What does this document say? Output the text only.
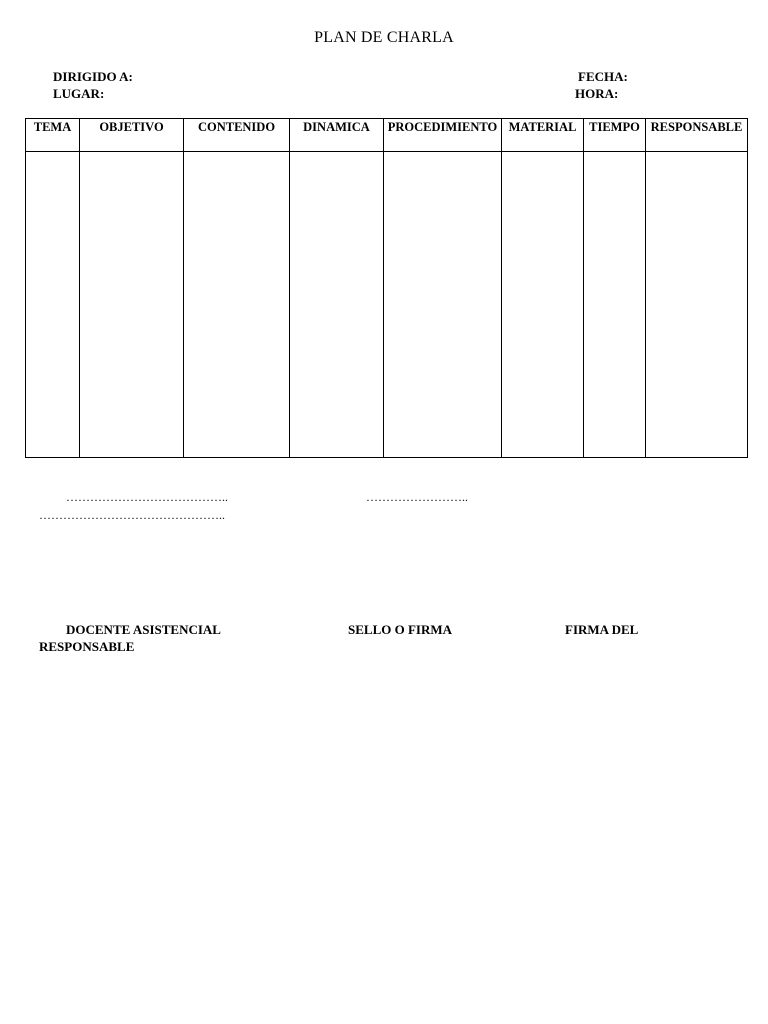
PLAN DE CHARLA
DIRIGIDO A:
LUGAR:
FECHA:
HORA:
TEMA	OBJETIVO	CONTENIDO	DINAMICA	PROCEDIMIENTO	MATERIAL	TIEMPO	RESPONSABLE

…………………………………..	……………………..
………………………………………..
DOCENTE ASISTENCIAL	SELLO O FIRMA	FIRMA DEL
RESPONSABLE
